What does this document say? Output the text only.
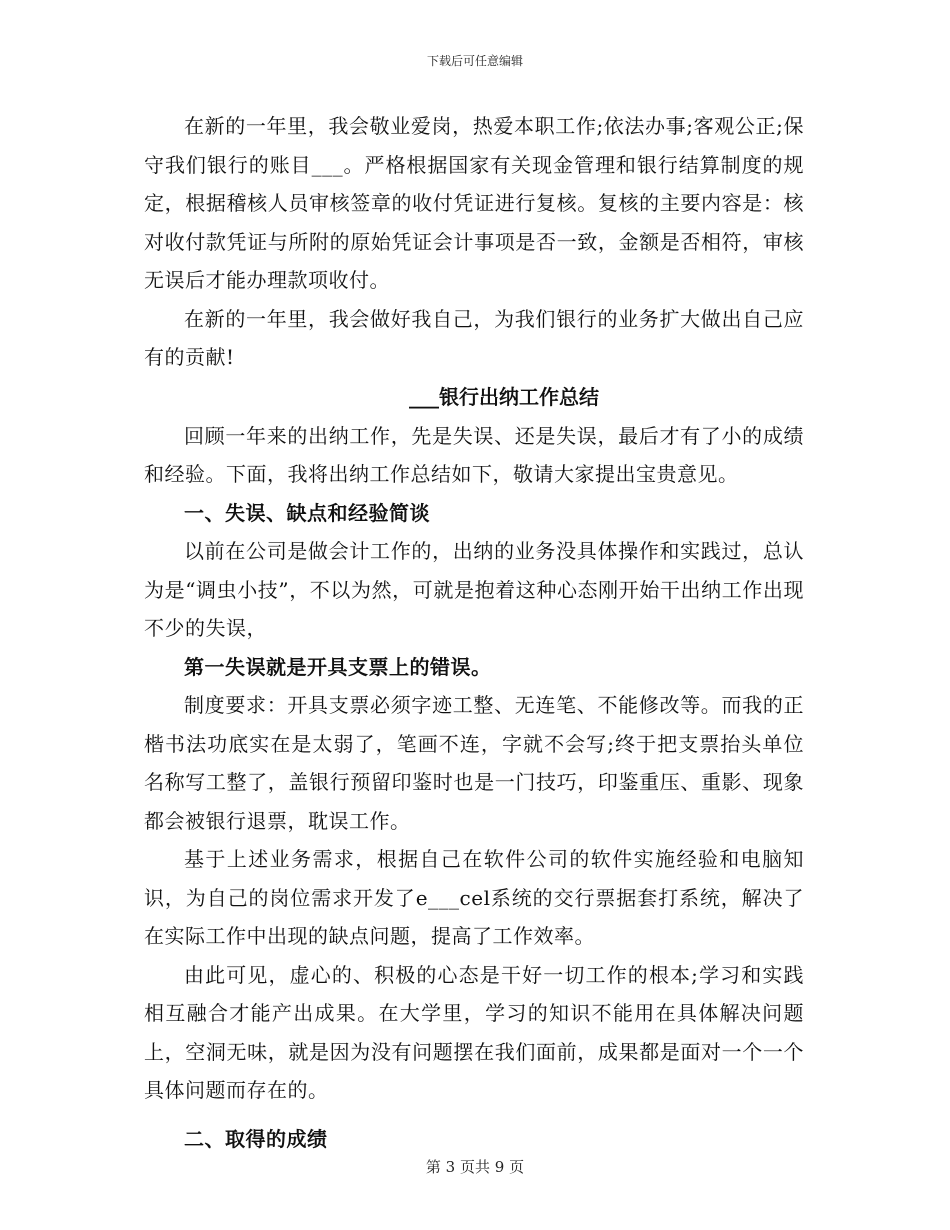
下载后可任意编辑

在新的一年里，我会敬业爱岗，热爱本职工作;依法办事;客观公正;保守我们银行的账目___。严格根据国家有关现金管理和银行结算制度的规定，根据稽核人员审核签章的收付凭证进行复核。复核的主要内容是：核对收付款凭证与所附的原始凭证会计事项是否一致，金额是否相符，审核无误后才能办理款项收付。

在新的一年里，我会做好我自己，为我们银行的业务扩大做出自己应有的贡献!

___银行出纳工作总结

回顾一年来的出纳工作，先是失误、还是失误，最后才有了小的成绩和经验。下面，我将出纳工作总结如下，敬请大家提出宝贵意见。

一、失误、缺点和经验简谈

以前在公司是做会计工作的，出纳的业务没具体操作和实践过，总认为是“调虫小技”，不以为然，可就是抱着这种心态刚开始干出纳工作出现不少的失误，

第一失误就是开具支票上的错误。

制度要求：开具支票必须字迹工整、无连笔、不能修改等。而我的正楷书法功底实在是太弱了，笔画不连，字就不会写;终于把支票抬头单位名称写工整了，盖银行预留印鉴时也是一门技巧，印鉴重压、重影、现象都会被银行退票，耽误工作。

基于上述业务需求，根据自己在软件公司的软件实施经验和电脑知识，为自己的岗位需求开发了e___cel系统的交行票据套打系统，解决了在实际工作中出现的缺点问题，提高了工作效率。

由此可见，虚心的、积极的心态是干好一切工作的根本;学习和实践相互融合才能产出成果。在大学里，学习的知识不能用在具体解决问题上，空洞无味，就是因为没有问题摆在我们面前，成果都是面对一个一个具体问题而存在的。

二、取得的成绩

第 3 页共 9 页
